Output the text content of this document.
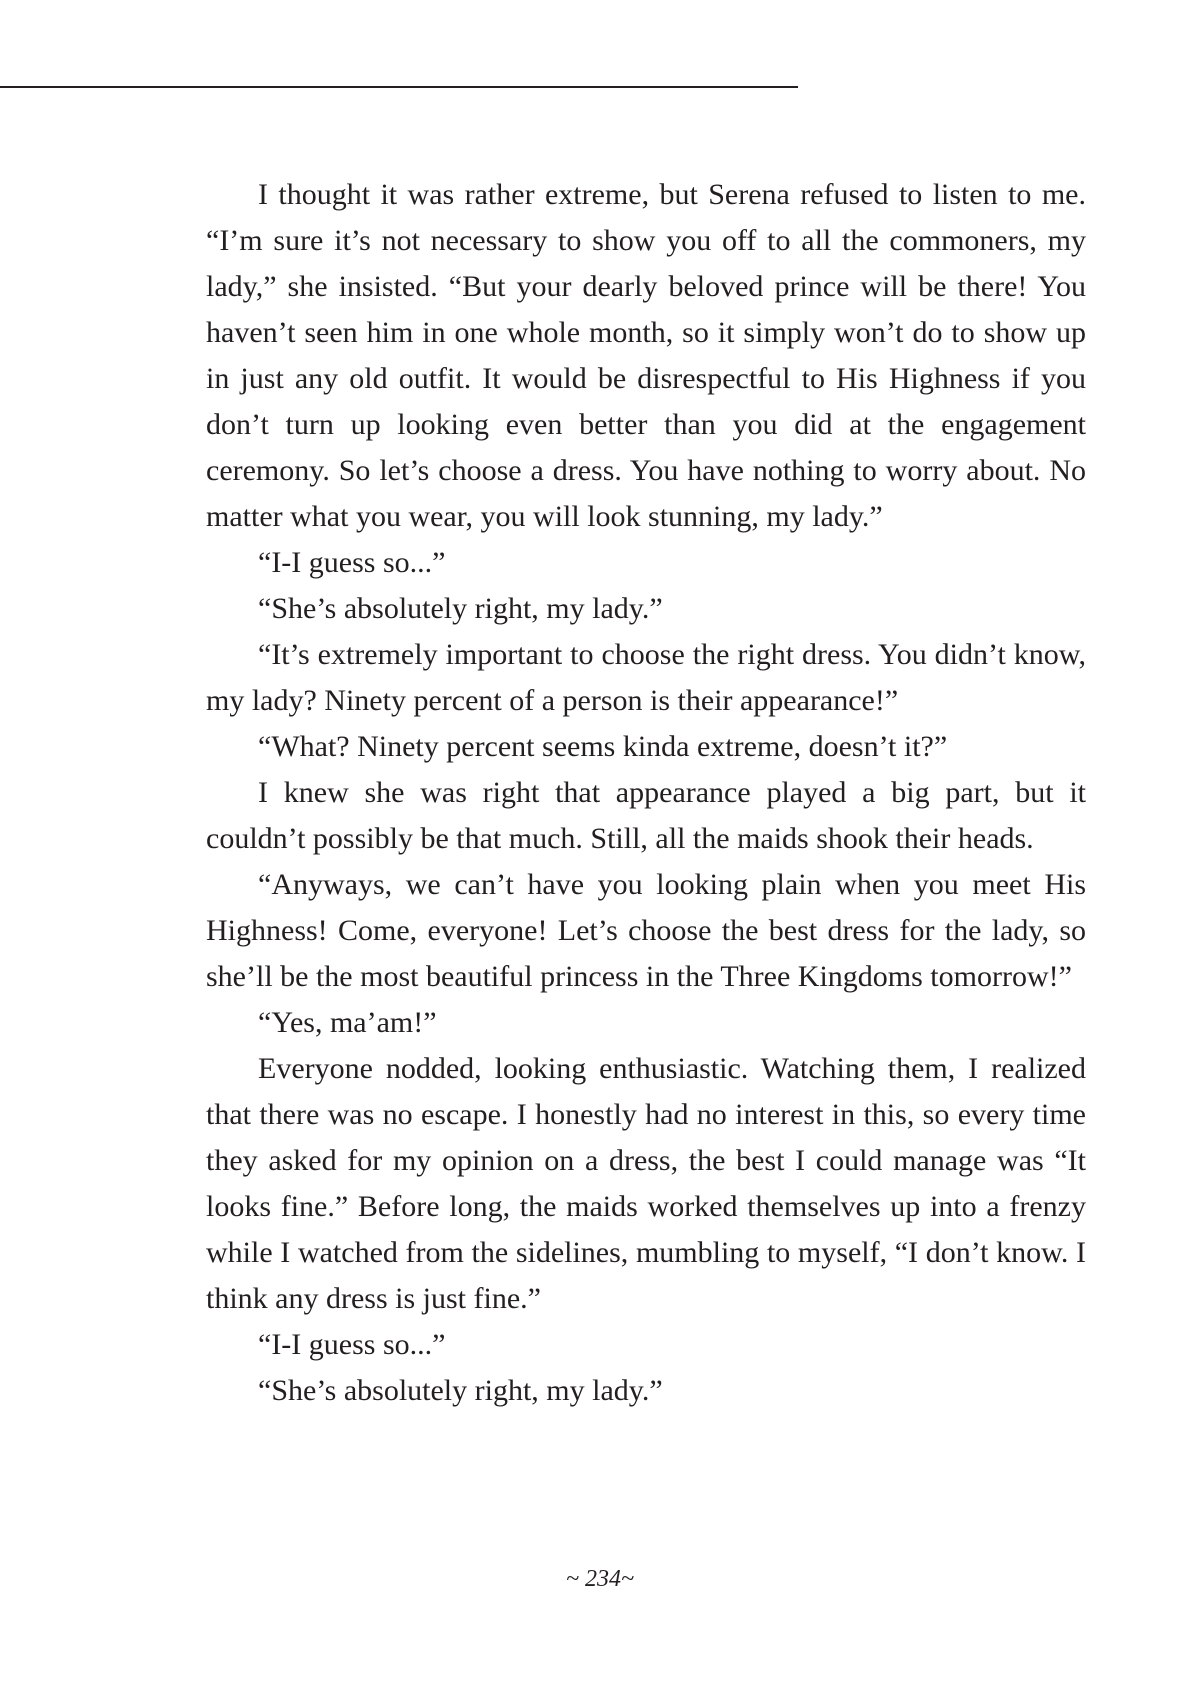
I thought it was rather extreme, but Serena refused to listen to me. “I’m sure it’s not necessary to show you off to all the commoners, my lady,” she insisted. “But your dearly beloved prince will be there! You haven’t seen him in one whole month, so it simply won’t do to show up in just any old outfit. It would be disrespectful to His Highness if you don’t turn up looking even better than you did at the engagement ceremony. So let’s choose a dress. You have nothing to worry about. No matter what you wear, you will look stunning, my lady.”

“I-I guess so...”

“She’s absolutely right, my lady.”

“It’s extremely important to choose the right dress. You didn’t know, my lady? Ninety percent of a person is their appearance!”

“What? Ninety percent seems kinda extreme, doesn’t it?”

I knew she was right that appearance played a big part, but it couldn’t possibly be that much. Still, all the maids shook their heads.

“Anyways, we can’t have you looking plain when you meet His Highness! Come, everyone! Let’s choose the best dress for the lady, so she’ll be the most beautiful princess in the Three Kingdoms tomorrow!”

“Yes, ma’am!”

Everyone nodded, looking enthusiastic. Watching them, I realized that there was no escape. I honestly had no interest in this, so every time they asked for my opinion on a dress, the best I could manage was “It looks fine.” Before long, the maids worked themselves up into a frenzy while I watched from the sidelines, mumbling to myself, “I don’t know. I think any dress is just fine.”

“I-I guess so...”

“She’s absolutely right, my lady.”

~ 234~
